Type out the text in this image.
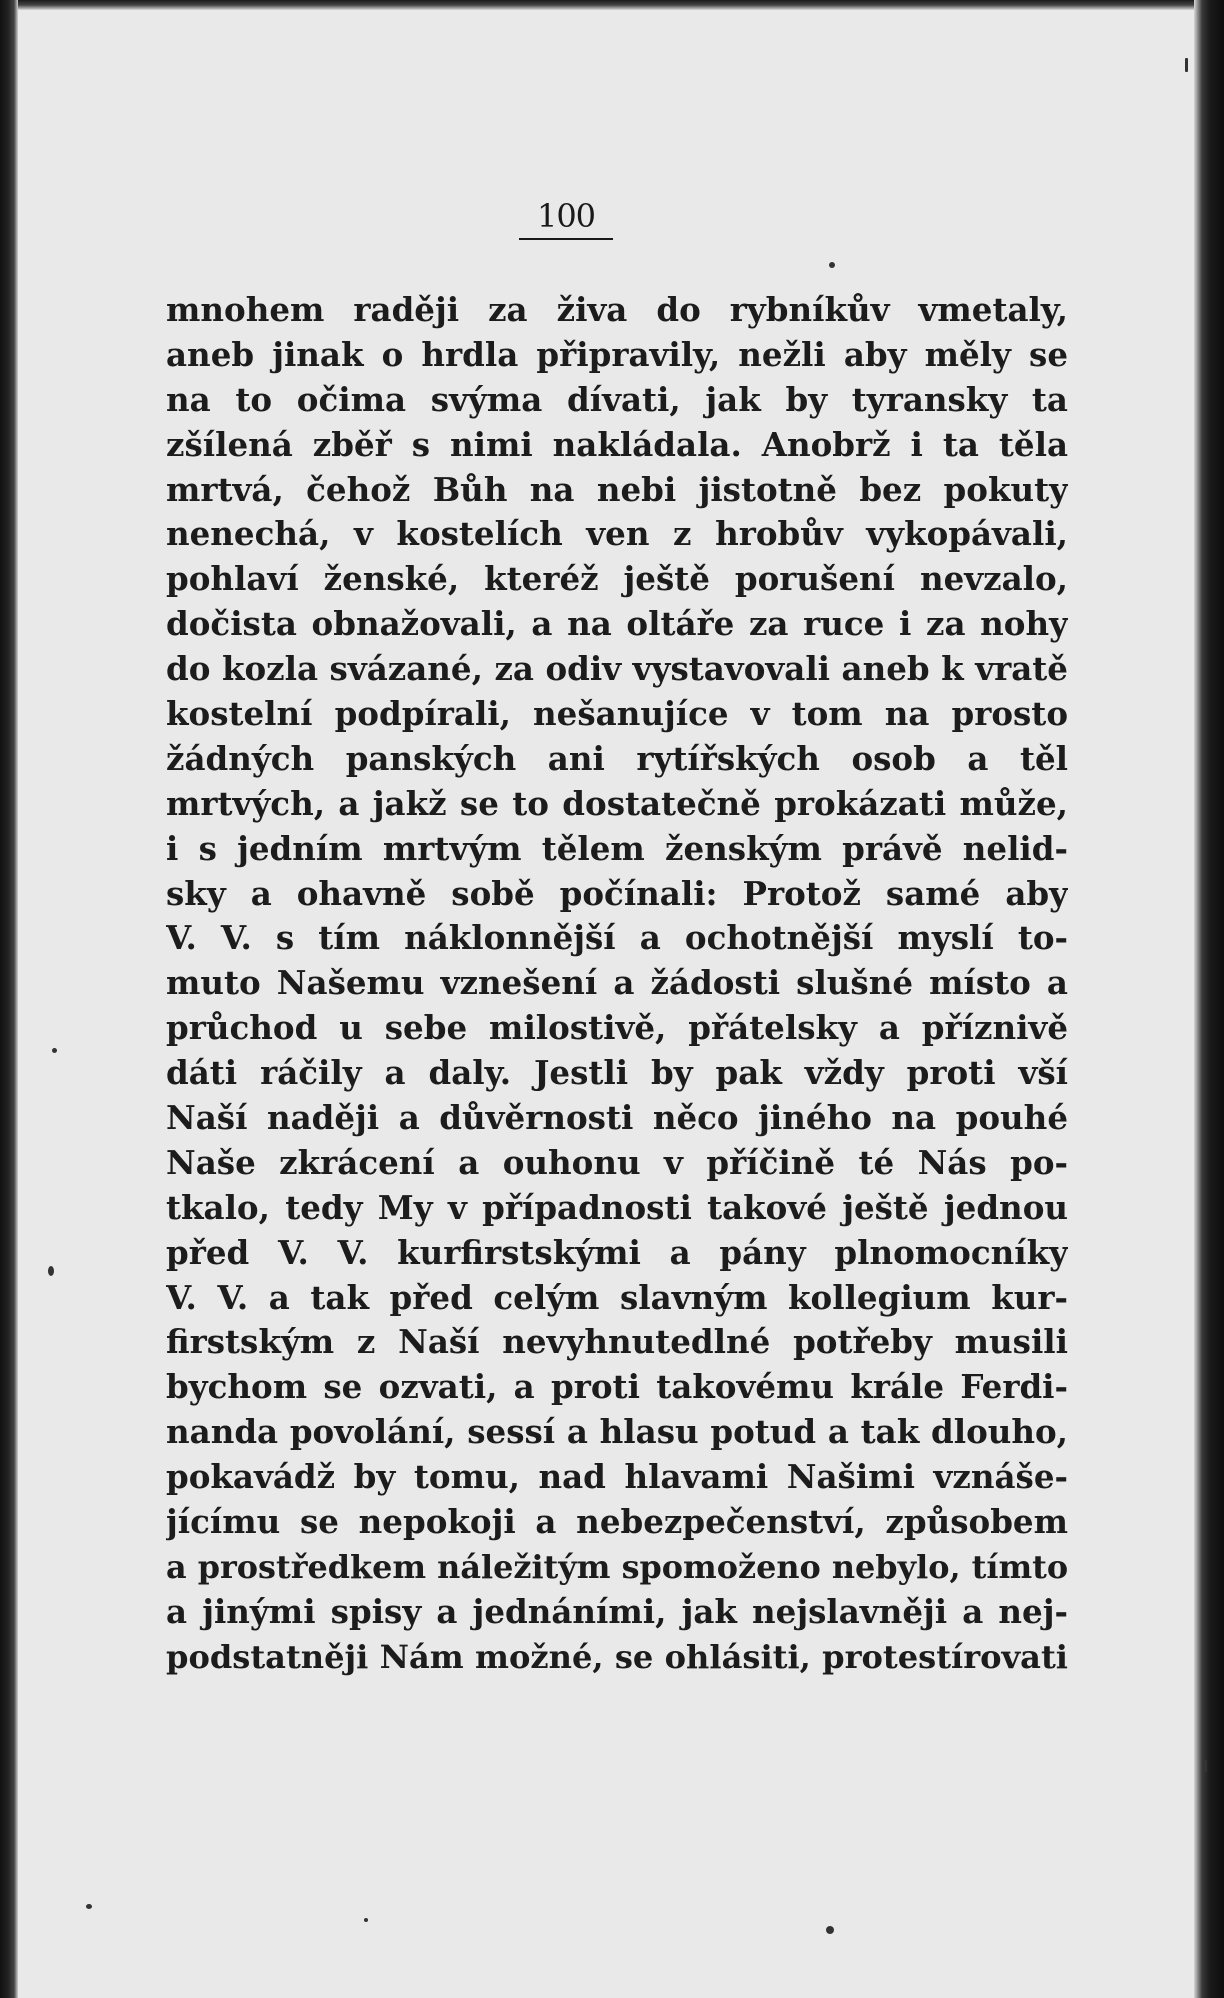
100
mnohem raději za živa do rybníkův vmetaly,
aneb jinak o hrdla připravily, nežli aby měly se
na to očima svýma dívati, jak by tyransky ta
zšílená zběř s nimi nakládala. Anobrž i ta těla
mrtvá, čehož Bůh na nebi jistotně bez pokuty
nenechá, v kostelích ven z hrobův vykopávali,
pohlaví ženské, kteréž ještě porušení nevzalo,
dočista obnažovali, a na oltáře za ruce i za nohy
do kozla svázané, za odiv vystavovali aneb k vratě
kostelní podpírali, nešanujíce v tom na prosto
žádných panských ani rytířských osob a těl
mrtvých, a jakž se to dostatečně prokázati může,
i s jedním mrtvým tělem ženským právě nelid-
sky a ohavně sobě počínali: Protož samé aby
V. V. s tím náklonnější a ochotnější myslí to-
muto Našemu vznešení a žádosti slušné místo a
průchod u sebe milostivě, přátelsky a příznivě
dáti ráčily a daly. Jestli by pak vždy proti vší
Naší naději a důvěrnosti něco jiného na pouhé
Naše zkrácení a ouhonu v příčině té Nás po-
tkalo, tedy My v případnosti takové ještě jednou
před V. V. kurfirstskými a pány plnomocníky
V. V. a tak před celým slavným kollegium kur-
firstským z Naší nevyhnutedlné potřeby musili
bychom se ozvati, a proti takovému krále Ferdi-
nanda povolání, sessí a hlasu potud a tak dlouho,
pokavádž by tomu, nad hlavami Našimi vznáše-
jícímu se nepokoji a nebezpečenství, způsobem
a prostředkem náležitým spomoženo nebylo, tímto
a jinými spisy a jednáními, jak nejslavněji a nej-
podstatněji Nám možné, se ohlásiti, protestírovati
